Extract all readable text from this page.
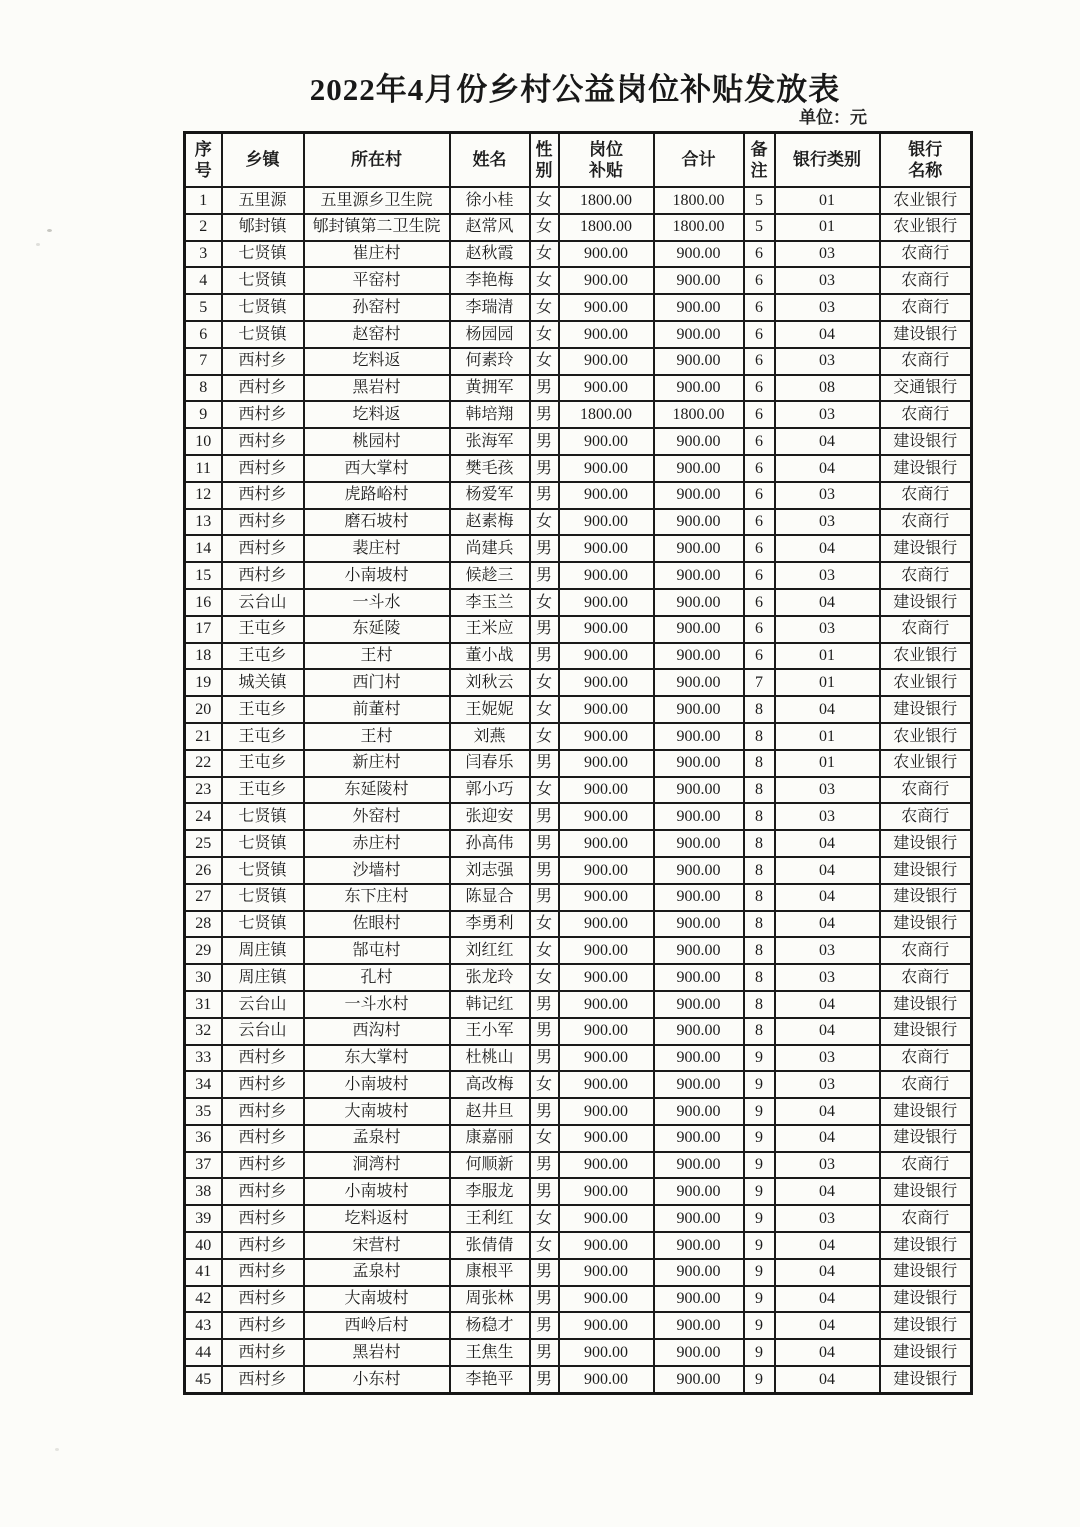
2022年4月份乡村公益岗位补贴发放表
单位：元
序号	乡镇	所在村	姓名	性别	岗位补贴	合计	备注	银行类别	银行名称
1	五里源	五里源乡卫生院	徐小桂	女	1800.00	1800.00	5	01	农业银行
2	郇封镇	郇封镇第二卫生院	赵常风	女	1800.00	1800.00	5	01	农业银行
3	七贤镇	崔庄村	赵秋霞	女	900.00	900.00	6	03	农商行
4	七贤镇	平窑村	李艳梅	女	900.00	900.00	6	03	农商行
5	七贤镇	孙窑村	李瑞清	女	900.00	900.00	6	03	农商行
6	七贤镇	赵窑村	杨园园	女	900.00	900.00	6	04	建设银行
7	西村乡	圪料返	何素玲	女	900.00	900.00	6	03	农商行
8	西村乡	黑岩村	黄拥军	男	900.00	900.00	6	08	交通银行
9	西村乡	圪料返	韩培翔	男	1800.00	1800.00	6	03	农商行
10	西村乡	桃园村	张海军	男	900.00	900.00	6	04	建设银行
11	西村乡	西大掌村	樊毛孩	男	900.00	900.00	6	04	建设银行
12	西村乡	虎路峪村	杨爱军	男	900.00	900.00	6	03	农商行
13	西村乡	磨石坡村	赵素梅	女	900.00	900.00	6	03	农商行
14	西村乡	裴庄村	尚建兵	男	900.00	900.00	6	04	建设银行
15	西村乡	小南坡村	候趁三	男	900.00	900.00	6	03	农商行
16	云台山	一斗水	李玉兰	女	900.00	900.00	6	04	建设银行
17	王屯乡	东延陵	王米应	男	900.00	900.00	6	03	农商行
18	王屯乡	王村	董小战	男	900.00	900.00	6	01	农业银行
19	城关镇	西门村	刘秋云	女	900.00	900.00	7	01	农业银行
20	王屯乡	前董村	王妮妮	女	900.00	900.00	8	04	建设银行
21	王屯乡	王村	刘燕	女	900.00	900.00	8	01	农业银行
22	王屯乡	新庄村	闫春乐	男	900.00	900.00	8	01	农业银行
23	王屯乡	东延陵村	郭小巧	女	900.00	900.00	8	03	农商行
24	七贤镇	外窑村	张迎安	男	900.00	900.00	8	03	农商行
25	七贤镇	赤庄村	孙高伟	男	900.00	900.00	8	04	建设银行
26	七贤镇	沙墙村	刘志强	男	900.00	900.00	8	04	建设银行
27	七贤镇	东下庄村	陈显合	男	900.00	900.00	8	04	建设银行
28	七贤镇	佐眼村	李勇利	女	900.00	900.00	8	04	建设银行
29	周庄镇	郜屯村	刘红红	女	900.00	900.00	8	03	农商行
30	周庄镇	孔村	张龙玲	女	900.00	900.00	8	03	农商行
31	云台山	一斗水村	韩记红	男	900.00	900.00	8	04	建设银行
32	云台山	西沟村	王小军	男	900.00	900.00	8	04	建设银行
33	西村乡	东大掌村	杜桃山	男	900.00	900.00	9	03	农商行
34	西村乡	小南坡村	高改梅	女	900.00	900.00	9	03	农商行
35	西村乡	大南坡村	赵井旦	男	900.00	900.00	9	04	建设银行
36	西村乡	孟泉村	康嘉丽	女	900.00	900.00	9	04	建设银行
37	西村乡	洞湾村	何顺新	男	900.00	900.00	9	03	农商行
38	西村乡	小南坡村	李服龙	男	900.00	900.00	9	04	建设银行
39	西村乡	圪料返村	王利红	女	900.00	900.00	9	03	农商行
40	西村乡	宋营村	张倩倩	女	900.00	900.00	9	04	建设银行
41	西村乡	孟泉村	康根平	男	900.00	900.00	9	04	建设银行
42	西村乡	大南坡村	周张林	男	900.00	900.00	9	04	建设银行
43	西村乡	西岭后村	杨稳才	男	900.00	900.00	9	04	建设银行
44	西村乡	黑岩村	王焦生	男	900.00	900.00	9	04	建设银行
45	西村乡	小东村	李艳平	男	900.00	900.00	9	04	建设银行
